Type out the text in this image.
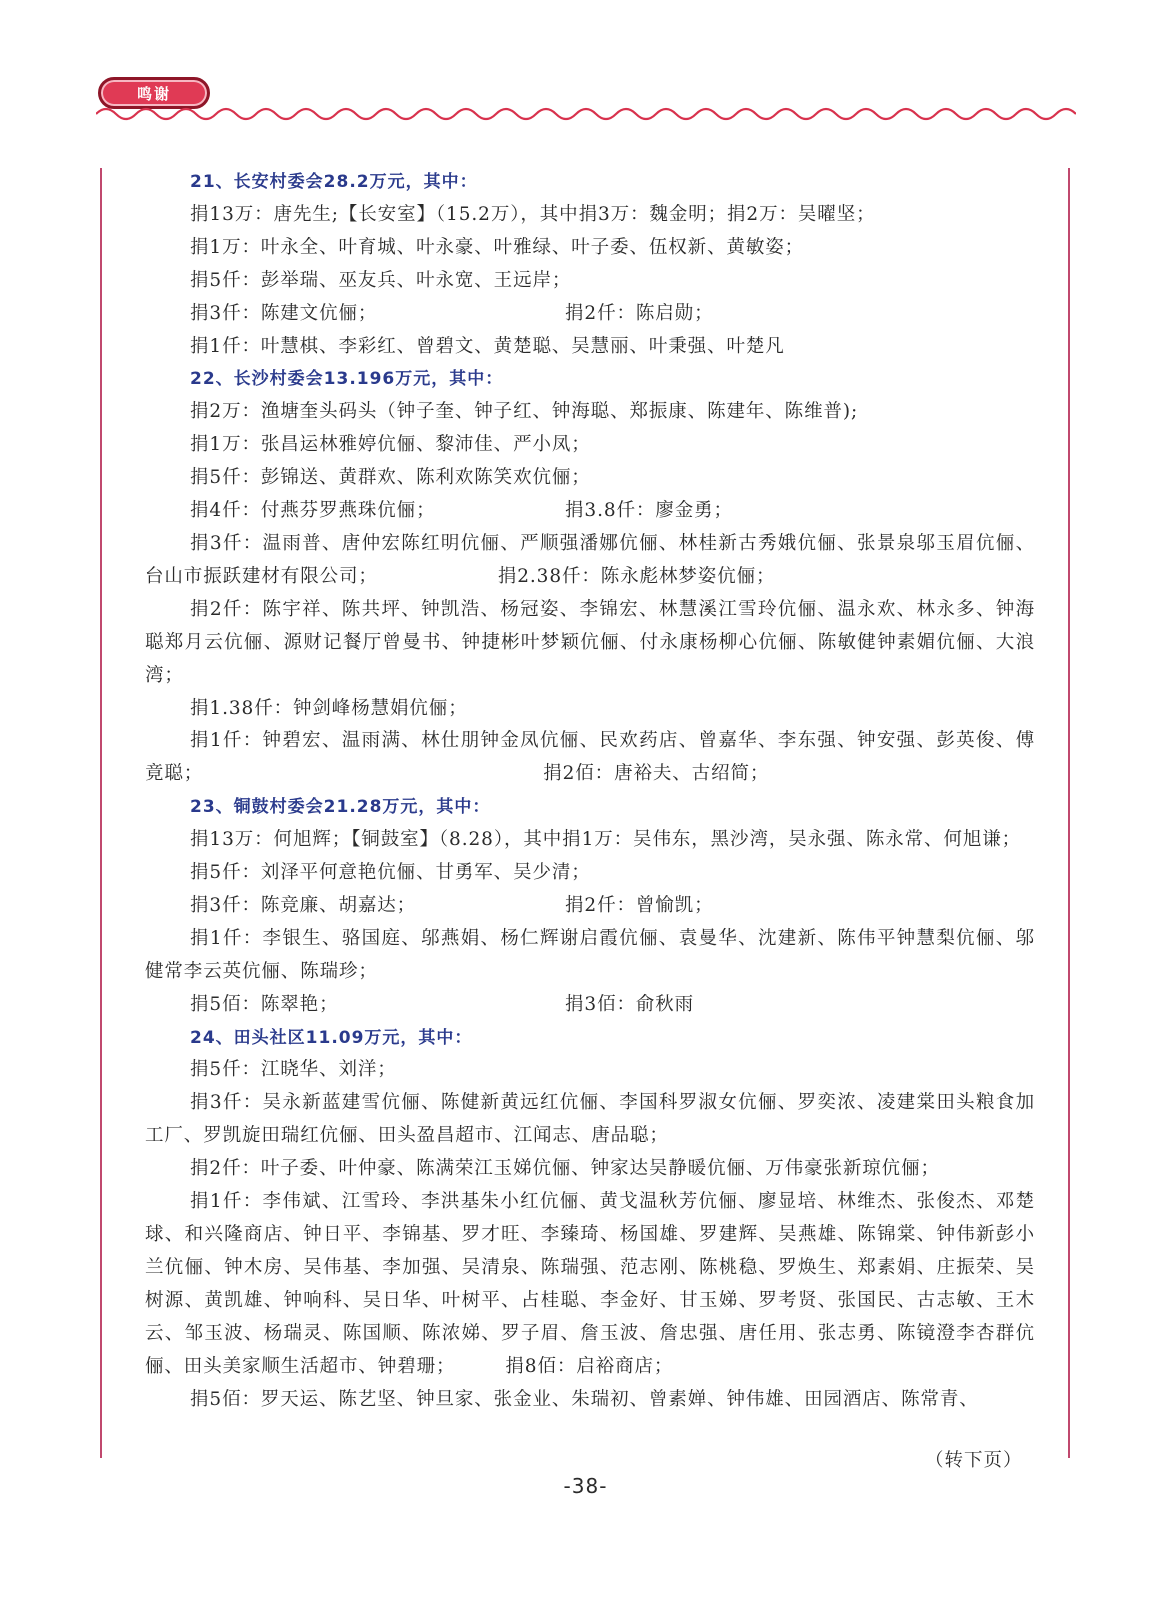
鸣谢
21、长安村委会28.2万元，其中：
捐13万：唐先生;【长安室】（15.2万），其中捐3万：魏金明；捐2万：吴曜坚；
捐1万：叶永全、叶育城、叶永豪、叶雅绿、叶子委、伍权新、黄敏姿；
捐5仟：彭举瑞、巫友兵、叶永宽、王远岸；
捐3仟：陈建文伉俪；	捐2仟：陈启勋；
捐1仟：叶慧棋、李彩红、曾碧文、黄楚聪、吴慧丽、叶秉强、叶楚凡
22、长沙村委会13.196万元，其中：
捐2万：渔塘奎头码头（钟子奎、钟子红、钟海聪、郑振康、陈建年、陈维普);
捐1万：张昌运林雅婷伉俪、黎沛佳、严小凤；
捐5仟：彭锦送、黄群欢、陈利欢陈笑欢伉俪；
捐4仟：付燕芬罗燕珠伉俪；	捐3.8仟：廖金勇；
捐3仟：温雨普、唐仲宏陈红明伉俪、严顺强潘娜伉俪、林桂新古秀娥伉俪、张景泉邬玉眉伉俪、台山市振跃建材有限公司；	捐2.38仟：陈永彪林梦姿伉俪；
捐2仟：陈宇祥、陈共坪、钟凯浩、杨冠姿、李锦宏、林慧溪江雪玲伉俪、温永欢、林永多、钟海聪郑月云伉俪、源财记餐厅曾曼书、钟捷彬叶梦颖伉俪、付永康杨柳心伉俪、陈敏健钟素媚伉俪、大浪湾；
捐1.38仟：钟剑峰杨慧娟伉俪；
捐1仟：钟碧宏、温雨满、林仕朋钟金凤伉俪、民欢药店、曾嘉华、李东强、钟安强、彭英俊、傅竟聪；	捐2佰：唐裕夫、古绍简；
23、铜鼓村委会21.28万元，其中：
捐13万：何旭辉；【铜鼓室】（8.28），其中捐1万：吴伟东，黑沙湾，吴永强、陈永常、何旭谦；
捐5仟：刘泽平何意艳伉俪、甘勇军、吴少清；
捐3仟：陈竞廉、胡嘉达；	捐2仟：曾愉凯；
捐1仟：李银生、骆国庭、邬燕娟、杨仁辉谢启霞伉俪、袁曼华、沈建新、陈伟平钟慧梨伉俪、邬健常李云英伉俪、陈瑞珍；
捐5佰：陈翠艳；	捐3佰：俞秋雨
24、田头社区11.09万元，其中：
捐5仟：江晓华、刘洋；
捐3仟：吴永新蓝建雪伉俪、陈健新黄远红伉俪、李国科罗淑女伉俪、罗奕浓、凌建棠田头粮食加工厂、罗凯旋田瑞红伉俪、田头盈昌超市、江闻志、唐品聪；
捐2仟：叶子委、叶仲豪、陈满荣江玉娣伉俪、钟家达吴静暖伉俪、万伟豪张新琼伉俪；
捐1仟：李伟斌、江雪玲、李洪基朱小红伉俪、黄戈温秋芳伉俪、廖显培、林维杰、张俊杰、邓楚球、和兴隆商店、钟日平、李锦基、罗才旺、李臻琦、杨国雄、罗建辉、吴燕雄、陈锦棠、钟伟新彭小兰伉俪、钟木房、吴伟基、李加强、吴清泉、陈瑞强、范志刚、陈桃稳、罗焕生、郑素娟、庄振荣、吴树源、黄凯雄、钟响科、吴日华、叶树平、占桂聪、李金好、甘玉娣、罗考贤、张国民、古志敏、王木云、邹玉波、杨瑞灵、陈国顺、陈浓娣、罗子眉、詹玉波、詹忠强、唐任用、张志勇、陈镜澄李杏群伉俪、田头美家顺生活超市、钟碧珊；	捐8佰：启裕商店；
捐5佰：罗天运、陈艺坚、钟旦家、张金业、朱瑞初、曾素婵、钟伟雄、田园酒店、陈常青、
（转下页）
-38-
